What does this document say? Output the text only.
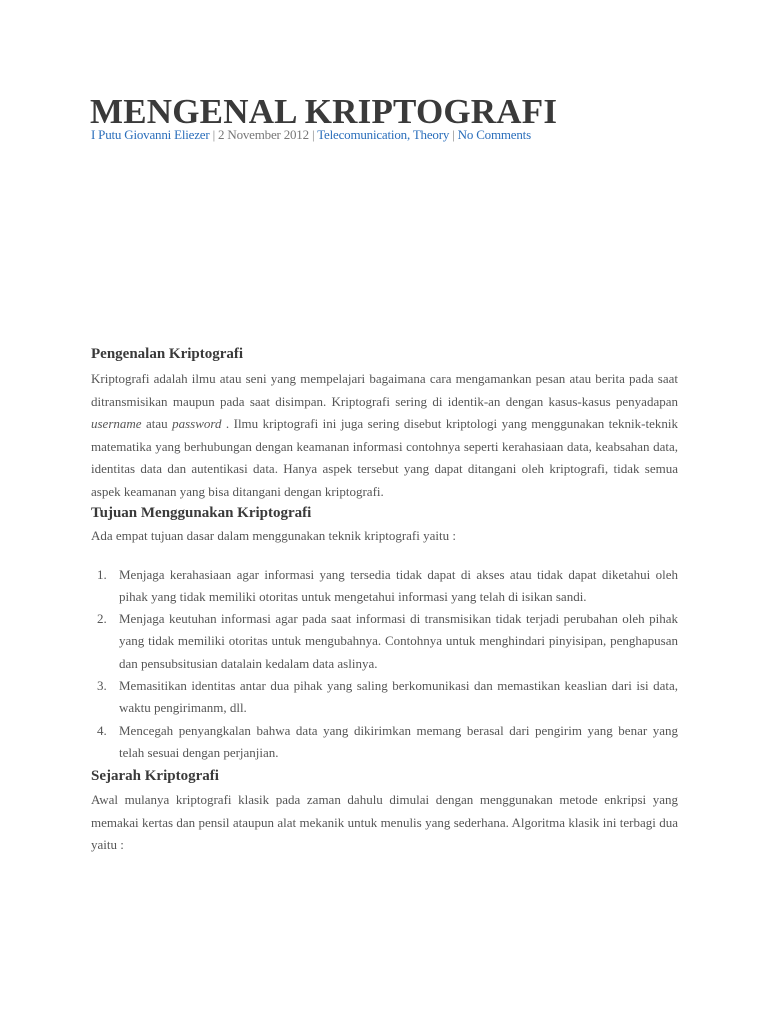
MENGENAL KRIPTOGRAFI
I Putu Giovanni Eliezer | 2 November 2012 | Telecomunication, Theory | No Comments
Pengenalan Kriptografi

Kriptografi adalah ilmu atau seni yang mempelajari bagaimana cara mengamankan pesan atau berita pada saat ditransmisikan maupun pada saat disimpan. Kriptografi sering di identik-an dengan kasus-kasus penyadapan username atau password . Ilmu kriptografi ini juga sering disebut kriptologi yang menggunakan teknik-teknik matematika yang berhubungan dengan keamanan informasi contohnya seperti kerahasiaan data, keabsahan data, identitas data dan autentikasi data. Hanya aspek tersebut yang dapat ditangani oleh kriptografi, tidak semua aspek keamanan yang bisa ditangani dengan kriptografi.

Tujuan Menggunakan Kriptografi

Ada empat tujuan dasar dalam menggunakan teknik kriptografi yaitu :

1. Menjaga kerahasiaan agar informasi yang tersedia tidak dapat di akses atau tidak dapat diketahui oleh pihak yang tidak memiliki otoritas untuk mengetahui informasi yang telah di isikan sandi.
2. Menjaga keutuhan informasi agar pada saat informasi di transmisikan tidak terjadi perubahan oleh pihak yang tidak memiliki otoritas untuk mengubahnya. Contohnya untuk menghindari pinyisipan, penghapusan dan pensubsitusian datalain kedalam data aslinya.
3. Memasitikan identitas antar dua pihak yang saling berkomunikasi dan memastikan keaslian dari isi data, waktu pengirimanm, dll.
4. Mencegah penyangkalan bahwa data yang dikirimkan memang berasal dari pengirim yang benar yang telah sesuai dengan perjanjian.
Sejarah Kriptografi

Awal mulanya kriptografi klasik pada zaman dahulu dimulai dengan menggunakan metode enkripsi yang memakai kertas dan pensil ataupun alat mekanik untuk menulis yang sederhana. Algoritma klasik ini terbagi dua yaitu :
